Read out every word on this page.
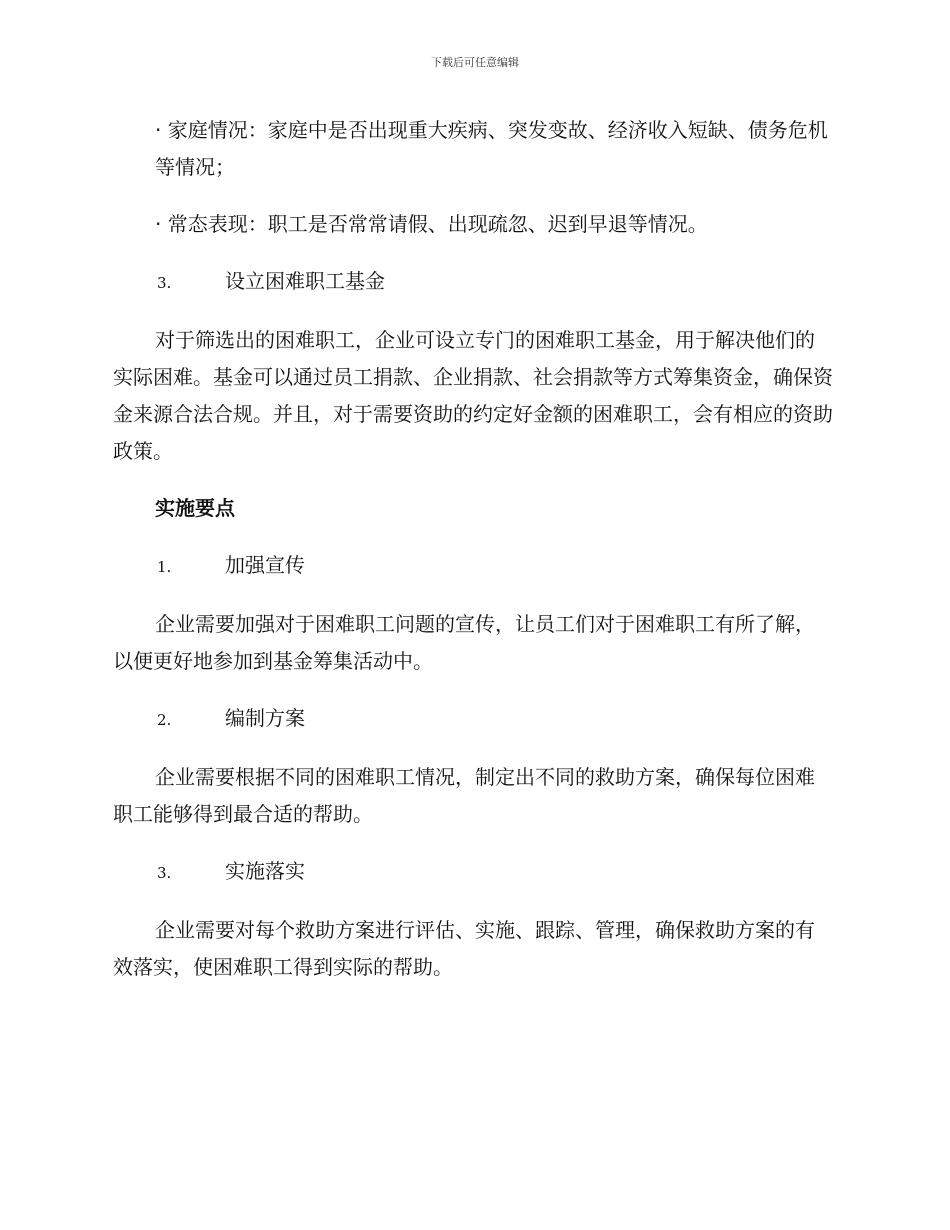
下载后可任意编辑

· 家庭情况：家庭中是否出现重大疾病、突发变故、经济收入短缺、债务危机等情况；

· 常态表现：职工是否常常请假、出现疏忽、迟到早退等情况。

3.	设立困难职工基金

对于筛选出的困难职工，企业可设立专门的困难职工基金，用于解决他们的实际困难。基金可以通过员工捐款、企业捐款、社会捐款等方式筹集资金，确保资金来源合法合规。并且，对于需要资助的约定好金额的困难职工，会有相应的资助政策。

实施要点
1.	加强宣传

企业需要加强对于困难职工问题的宣传，让员工们对于困难职工有所了解，以便更好地参加到基金筹集活动中。

2.	编制方案

企业需要根据不同的困难职工情况，制定出不同的救助方案，确保每位困难职工能够得到最合适的帮助。

3.	实施落实

企业需要对每个救助方案进行评估、实施、跟踪、管理，确保救助方案的有效落实，使困难职工得到实际的帮助。
